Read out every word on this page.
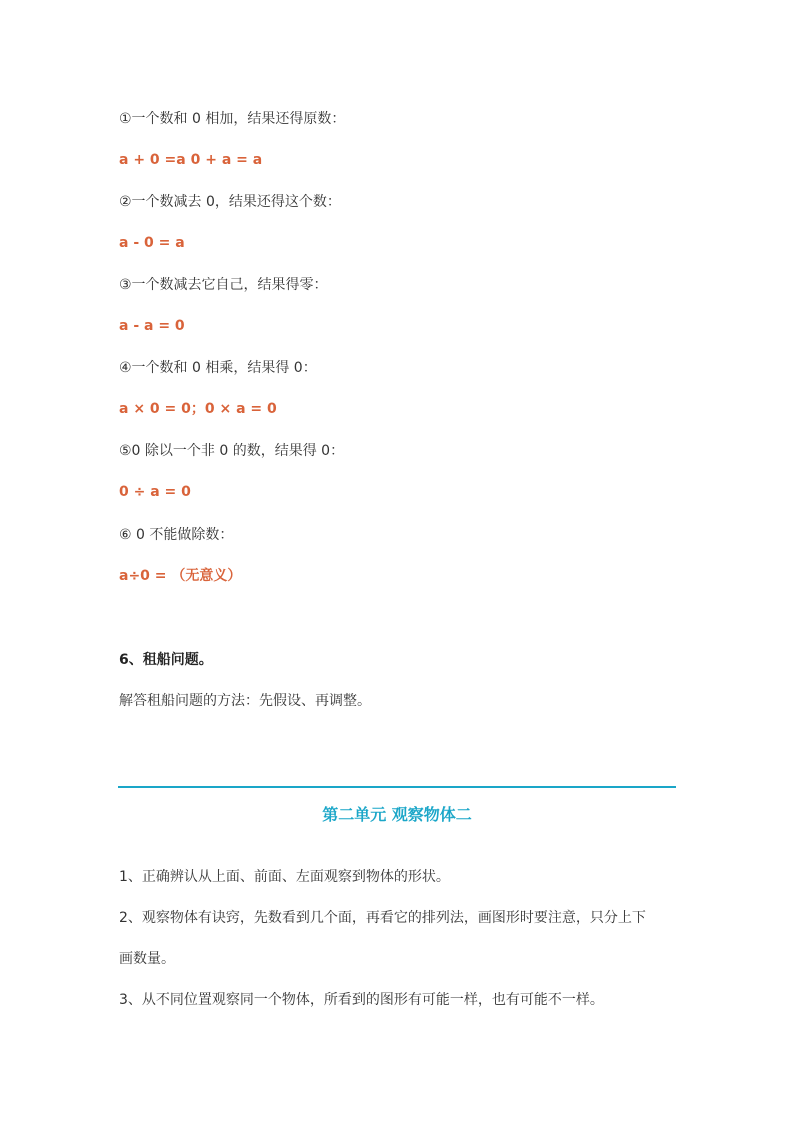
①一个数和 0 相加，结果还得原数：
a + 0 =a 0 + a = a
②一个数减去 0，结果还得这个数：
a - 0 = a
③一个数减去它自己，结果得零：
a - a = 0
④一个数和 0 相乘，结果得 0：
a × 0 = 0；0 × a = 0
⑤0 除以一个非 0 的数，结果得 0：
0 ÷ a = 0
⑥ 0 不能做除数：
a÷0 = （无意义）
6、租船问题。
解答租船问题的方法：先假设、再调整。
第二单元 观察物体二
1、正确辨认从上面、前面、左面观察到物体的形状。
2、观察物体有诀窍，先数看到几个面，再看它的排列法，画图形时要注意，只分上下
画数量。
3、从不同位置观察同一个物体，所看到的图形有可能一样，也有可能不一样。
